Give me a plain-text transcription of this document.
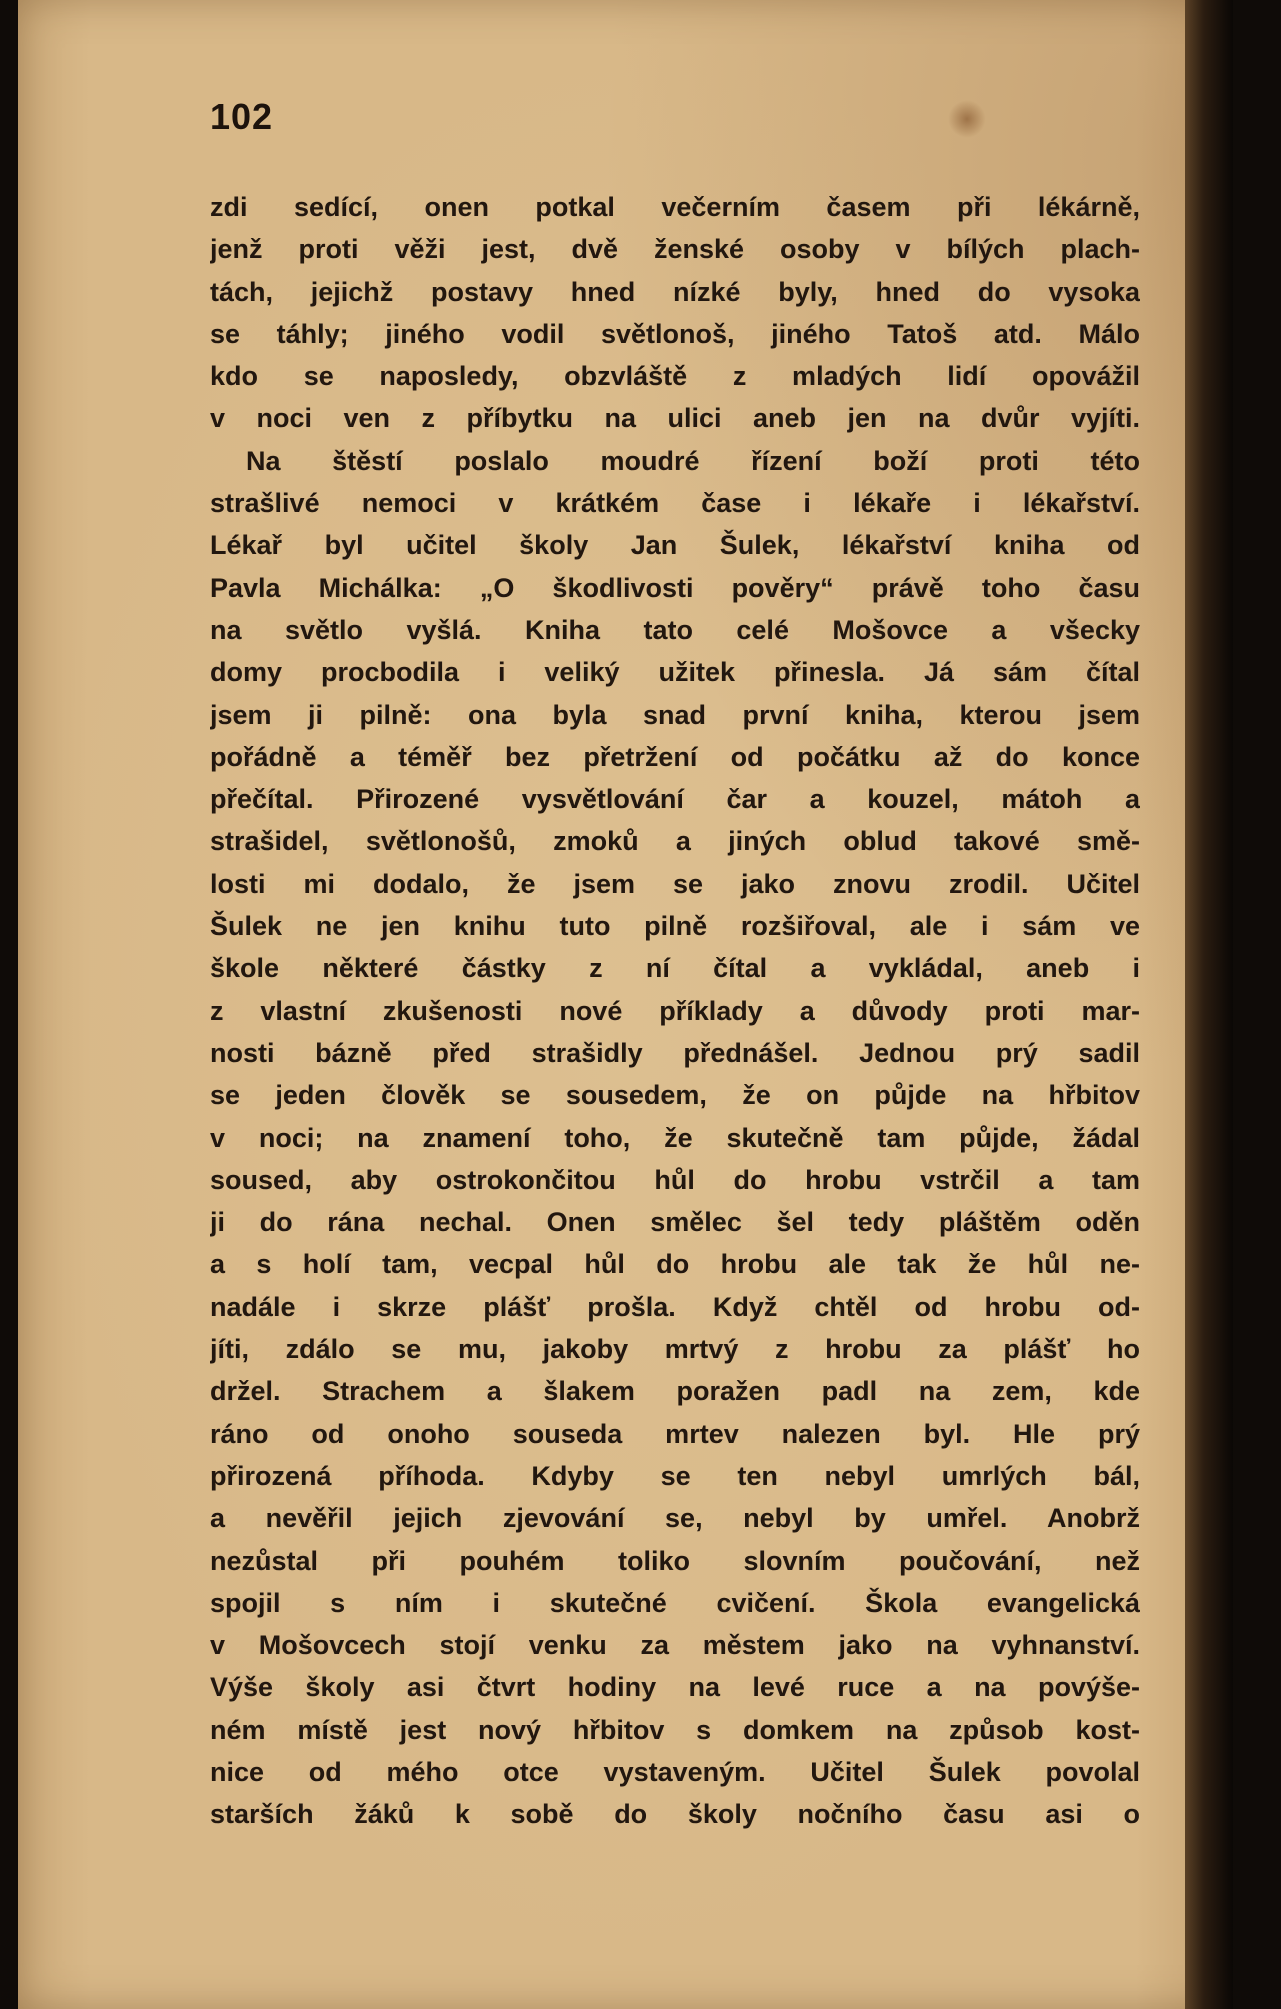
102
zdi sedící, onen potkal večerním časem při lékárně,
jenž proti věži jest, dvě ženské osoby v bílých plach-
tách, jejichž postavy hned nízké byly, hned do vysoka
se táhly; jiného vodil světlonoš, jiného Tatoš atd. Málo
kdo se naposledy, obzvláště z mladých lidí opovážil
v noci ven z příbytku na ulici aneb jen na dvůr vyjíti.
Na štěstí poslalo moudré řízení boží proti této
strašlivé nemoci v krátkém čase i lékaře i lékařství.
Lékař byl učitel školy Jan Šulek, lékařství kniha od
Pavla Michálka: „O škodlivosti pověry“ právě toho času
na světlo vyšlá. Kniha tato celé Mošovce a všecky
domy procbodila i veliký užitek přinesla. Já sám čítal
jsem ji pilně: ona byla snad první kniha, kterou jsem
pořádně a téměř bez přetržení od počátku až do konce
přečítal. Přirozené vysvětlování čar a kouzel, mátoh a
strašidel, světlonošů, zmoků a jiných oblud takové smě-
losti mi dodalo, že jsem se jako znovu zrodil. Učitel
Šulek ne jen knihu tuto pilně rozšiřoval, ale i sám ve
škole některé částky z ní čítal a vykládal, aneb i
z vlastní zkušenosti nové příklady a důvody proti mar-
nosti bázně před strašidly přednášel. Jednou prý sadil
se jeden člověk se sousedem, že on půjde na hřbitov
v noci; na znamení toho, že skutečně tam půjde, žádal
soused, aby ostrokončitou hůl do hrobu vstrčil a tam
ji do rána nechal. Onen smělec šel tedy pláštěm oděn
a s holí tam, vecpal hůl do hrobu ale tak že hůl ne-
nadále i skrze plášť prošla. Když chtěl od hrobu od-
jíti, zdálo se mu, jakoby mrtvý z hrobu za plášť ho
držel. Strachem a šlakem poražen padl na zem, kde
ráno od onoho souseda mrtev nalezen byl. Hle prý
přirozená příhoda. Kdyby se ten nebyl umrlých bál,
a nevěřil jejich zjevování se, nebyl by umřel. Anobrž
nezůstal při pouhém toliko slovním poučování, než
spojil s ním i skutečné cvičení. Škola evangelická
v Mošovcech stojí venku za městem jako na vyhnanství.
Výše školy asi čtvrt hodiny na levé ruce a na povýše-
ném místě jest nový hřbitov s domkem na způsob kost-
nice od mého otce vystaveným. Učitel Šulek povolal
starších žáků k sobě do školy nočního času asi o
